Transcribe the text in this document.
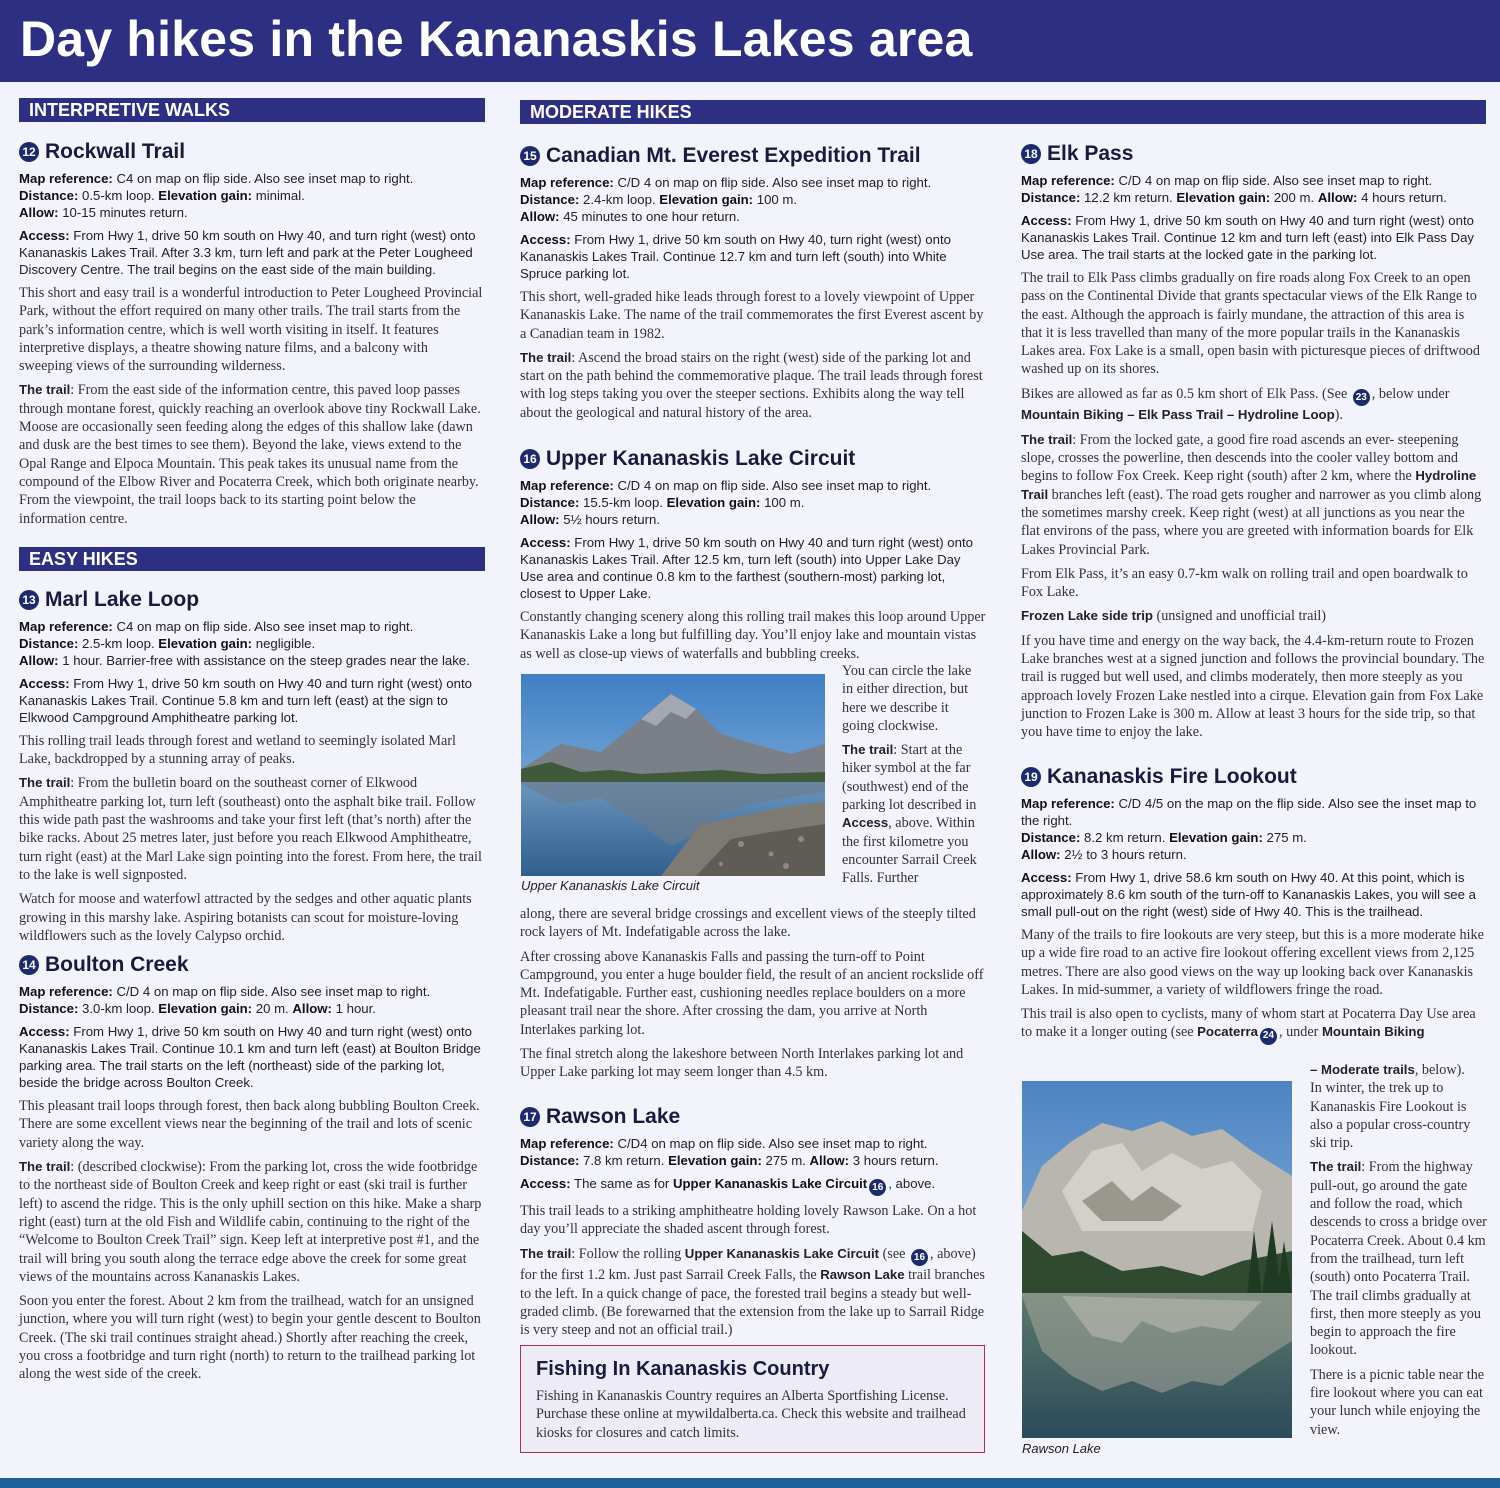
Day hikes in the Kananaskis Lakes area
INTERPRETIVE WALKS
12 Rockwall Trail
Map reference: C4 on map on flip side. Also see inset map to right.
Distance: 0.5-km loop. Elevation gain: minimal.
Allow: 10-15 minutes return.
Access: From Hwy 1, drive 50 km south on Hwy 40, and turn right (west) onto Kananaskis Lakes Trail. After 3.3 km, turn left and park at the Peter Lougheed Discovery Centre. The trail begins on the east side of the main building.
This short and easy trail is a wonderful introduction to Peter Lougheed Provincial Park, without the effort required on many other trails. The trail starts from the park’s information centre, which is well worth visiting in itself. It features interpretive displays, a theatre showing nature films, and a balcony with sweeping views of the surrounding wilderness.
The trail: From the east side of the information centre, this paved loop passes through montane forest, quickly reaching an overlook above tiny Rockwall Lake. Moose are occasionally seen feeding along the edges of this shallow lake (dawn and dusk are the best times to see them). Beyond the lake, views extend to the Opal Range and Elpoca Mountain. This peak takes its unusual name from the compound of the Elbow River and Pocaterra Creek, which both originate nearby. From the viewpoint, the trail loops back to its starting point below the information centre.
EASY HIKES
13 Marl Lake Loop
Map reference: C4 on map on flip side. Also see inset map to right.
Distance: 2.5-km loop. Elevation gain: negligible.
Allow: 1 hour. Barrier-free with assistance on the steep grades near the lake.
Access: From Hwy 1, drive 50 km south on Hwy 40 and turn right (west) onto Kananaskis Lakes Trail. Continue 5.8 km and turn left (east) at the sign to Elkwood Campground Amphitheatre parking lot.
This rolling trail leads through forest and wetland to seemingly isolated Marl Lake, backdropped by a stunning array of peaks.
The trail: From the bulletin board on the southeast corner of Elkwood Amphitheatre parking lot, turn left (southeast) onto the asphalt bike trail. Follow this wide path past the washrooms and take your first left (that’s north) after the bike racks. About 25 metres later, just before you reach Elkwood Amphitheatre, turn right (east) at the Marl Lake sign pointing into the forest. From here, the trail to the lake is well signposted.
Watch for moose and waterfowl attracted by the sedges and other aquatic plants growing in this marshy lake. Aspiring botanists can scout for moisture-loving wildflowers such as the lovely Calypso orchid.
14 Boulton Creek
Map reference: C/D 4 on map on flip side. Also see inset map to right.
Distance: 3.0-km loop. Elevation gain: 20 m. Allow: 1 hour.
Access: From Hwy 1, drive 50 km south on Hwy 40 and turn right (west) onto Kananaskis Lakes Trail. Continue 10.1 km and turn left (east) at Boulton Bridge parking area. The trail starts on the left (northeast) side of the parking lot, beside the bridge across Boulton Creek.
This pleasant trail loops through forest, then back along bubbling Boulton Creek. There are some excellent views near the beginning of the trail and lots of scenic variety along the way.
The trail: (described clockwise): From the parking lot, cross the wide footbridge to the northeast side of Boulton Creek and keep right or east (ski trail is further left) to ascend the ridge. This is the only uphill section on this hike. Make a sharp right (east) turn at the old Fish and Wildlife cabin, continuing to the right of the “Welcome to Boulton Creek Trail” sign. Keep left at interpretive post #1, and the trail will bring you south along the terrace edge above the creek for some great views of the mountains across Kananaskis Lakes.
Soon you enter the forest. About 2 km from the trailhead, watch for an unsigned junction, where you will turn right (west) to begin your gentle descent to Boulton Creek. (The ski trail continues straight ahead.) Shortly after reaching the creek, you cross a footbridge and turn right (north) to return to the trailhead parking lot along the west side of the creek.
MODERATE HIKES
15 Canadian Mt. Everest Expedition Trail
Map reference: C/D 4 on map on flip side. Also see inset map to right.
Distance: 2.4-km loop. Elevation gain: 100 m.
Allow: 45 minutes to one hour return.
Access: From Hwy 1, drive 50 km south on Hwy 40, turn right (west) onto Kananaskis Lakes Trail. Continue 12.7 km and turn left (south) into White Spruce parking lot.
This short, well-graded hike leads through forest to a lovely viewpoint of Upper Kananaskis Lake. The name of the trail commemorates the first Everest ascent by a Canadian team in 1982.
The trail: Ascend the broad stairs on the right (west) side of the parking lot and start on the path behind the commemorative plaque. The trail leads through forest with log steps taking you over the steeper sections. Exhibits along the way tell about the geological and natural history of the area.
16 Upper Kananaskis Lake Circuit
Map reference: C/D 4 on map on flip side. Also see inset map to right.
Distance: 15.5-km loop. Elevation gain: 100 m.
Allow: 5½ hours return.
Access: From Hwy 1, drive 50 km south on Hwy 40 and turn right (west) onto Kananaskis Lakes Trail. After 12.5 km, turn left (south) into Upper Lake Day Use area and continue 0.8 km to the farthest (southern-most) parking lot, closest to Upper Lake.
Constantly changing scenery along this rolling trail makes this loop around Upper Kananaskis Lake a long but fulfilling day. You’ll enjoy lake and mountain vistas as well as close-up views of waterfalls and bubbling creeks.
Upper Kananaskis Lake Circuit
You can circle the lake in either direction, but here we describe it going clockwise.
The trail: Start at the hiker symbol at the far (southwest) end of the parking lot described in Access, above. Within the first kilometre you encounter Sarrail Creek Falls. Further
along, there are several bridge crossings and excellent views of the steeply tilted rock layers of Mt. Indefatigable across the lake.
After crossing above Kananaskis Falls and passing the turn-off to Point Campground, you enter a huge boulder field, the result of an ancient rockslide off Mt. Indefatigable. Further east, cushioning needles replace boulders on a more pleasant trail near the shore. After crossing the dam, you arrive at North Interlakes parking lot.
The final stretch along the lakeshore between North Interlakes parking lot and Upper Lake parking lot may seem longer than 4.5 km.
17 Rawson Lake
Map reference: C/D4 on map on flip side. Also see inset map to right.
Distance: 7.8 km return. Elevation gain: 275 m. Allow: 3 hours return.
Access: The same as for Upper Kananaskis Lake Circuit 16 , above.
This trail leads to a striking amphitheatre holding lovely Rawson Lake. On a hot day you’ll appreciate the shaded ascent through forest.
The trail: Follow the rolling Upper Kananaskis Lake Circuit (see 16 , above) for the first 1.2 km. Just past Sarrail Creek Falls, the Rawson Lake trail branches to the left. In a quick change of pace, the forested trail begins a steady but well-graded climb. (Be forewarned that the extension from the lake up to Sarrail Ridge is very steep and not an official trail.)
Fishing In Kananaskis Country

Fishing in Kananaskis Country requires an Alberta Sportfishing License. Purchase these online at mywildalberta.ca. Check this website and trailhead kiosks for closures and catch limits.

18 Elk Pass
Map reference: C/D 4 on map on flip side. Also see inset map to right.
Distance: 12.2 km return. Elevation gain: 200 m. Allow: 4 hours return.
Access: From Hwy 1, drive 50 km south on Hwy 40 and turn right (west) onto Kananaskis Lakes Trail. Continue 12 km and turn left (east) into Elk Pass Day Use area. The trail starts at the locked gate in the parking lot.
The trail to Elk Pass climbs gradually on fire roads along Fox Creek to an open pass on the Continental Divide that grants spectacular views of the Elk Range to the east. Although the approach is fairly mundane, the attraction of this area is that it is less travelled than many of the more popular trails in the Kananaskis Lakes area. Fox Lake is a small, open basin with picturesque pieces of driftwood washed up on its shores.
Bikes are allowed as far as 0.5 km short of Elk Pass. (See 23 , below under Mountain Biking – Elk Pass Trail – Hydroline Loop).
The trail: From the locked gate, a good fire road ascends an ever- steepening slope, crosses the powerline, then descends into the cooler valley bottom and begins to follow Fox Creek. Keep right (south) after 2 km, where the Hydroline Trail branches left (east). The road gets rougher and narrower as you climb along the sometimes marshy creek. Keep right (west) at all junctions as you near the flat environs of the pass, where you are greeted with information boards for Elk Lakes Provincial Park.
From Elk Pass, it’s an easy 0.7-km walk on rolling trail and open boardwalk to Fox Lake.
Frozen Lake side trip (unsigned and unofficial trail)
If you have time and energy on the way back, the 4.4-km-return route to Frozen Lake branches west at a signed junction and follows the provincial boundary. The trail is rugged but well used, and climbs moderately, then more steeply as you approach lovely Frozen Lake nestled into a cirque. Elevation gain from Fox Lake junction to Frozen Lake is 300 m. Allow at least 3 hours for the side trip, so that you have time to enjoy the lake.
19 Kananaskis Fire Lookout
Map reference: C/D 4/5 on the map on the flip side. Also see the inset map to the right.
Distance: 8.2 km return. Elevation gain: 275 m.
Allow: 2½ to 3 hours return.
Access: From Hwy 1, drive 58.6 km south on Hwy 40. At this point, which is approximately 8.6 km south of the turn-off to Kananaskis Lakes, you will see a small pull-out on the right (west) side of Hwy 40. This is the trailhead.
Many of the trails to fire lookouts are very steep, but this is a more moderate hike up a wide fire road to an active fire lookout offering excellent views from 2,125 metres. There are also good views on the way up looking back over Kananaskis Lakes. In mid-summer, a variety of wildflowers fringe the road.
This trail is also open to cyclists, many of whom start at Pocaterra Day Use area to make it a longer outing (see Pocaterra 24 , under Mountain Biking
– Moderate trails, below).
In winter, the trek up to Kananaskis Fire Lookout is also a popular cross-country ski trip.
The trail: From the highway pull-out, go around the gate and follow the road, which descends to cross a bridge over Pocaterra Creek. About 0.4 km from the trailhead, turn left (south) onto Pocaterra Trail. The trail climbs gradually at first, then more steeply as you begin to approach the fire lookout.
There is a picnic table near the fire lookout where you can eat your lunch while enjoying the view.
Rawson Lake
